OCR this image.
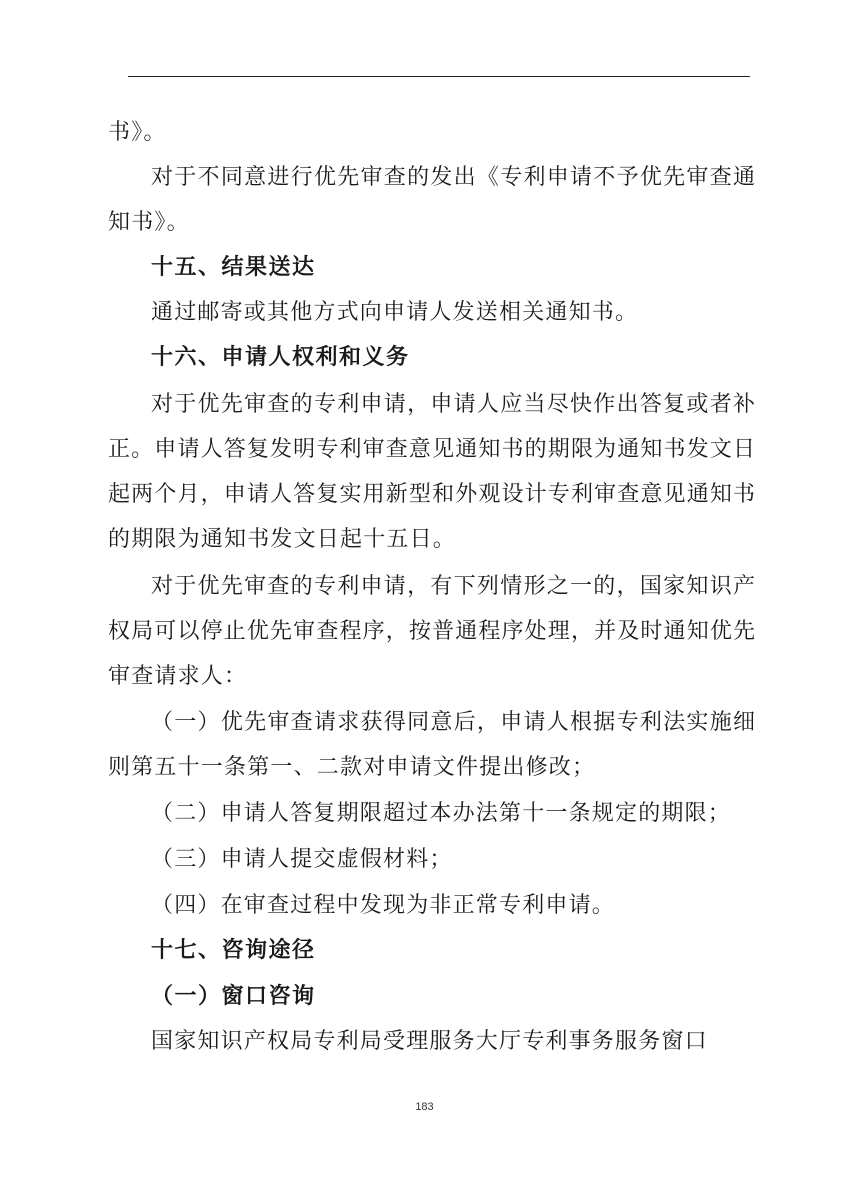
书》。
对于不同意进行优先审查的发出《专利申请不予优先审查通
知书》。
十五、结果送达
通过邮寄或其他方式向申请人发送相关通知书。
十六、申请人权利和义务
对于优先审查的专利申请，申请人应当尽快作出答复或者补
正。申请人答复发明专利审查意见通知书的期限为通知书发文日
起两个月，申请人答复实用新型和外观设计专利审查意见通知书
的期限为通知书发文日起十五日。
对于优先审查的专利申请，有下列情形之一的，国家知识产
权局可以停止优先审查程序，按普通程序处理，并及时通知优先
审查请求人：
（一）优先审查请求获得同意后，申请人根据专利法实施细
则第五十一条第一、二款对申请文件提出修改；
（二）申请人答复期限超过本办法第十一条规定的期限；
（三）申请人提交虚假材料；
（四）在审查过程中发现为非正常专利申请。
十七、咨询途径
（一）窗口咨询
国家知识产权局专利局受理服务大厅专利事务服务窗口
183
